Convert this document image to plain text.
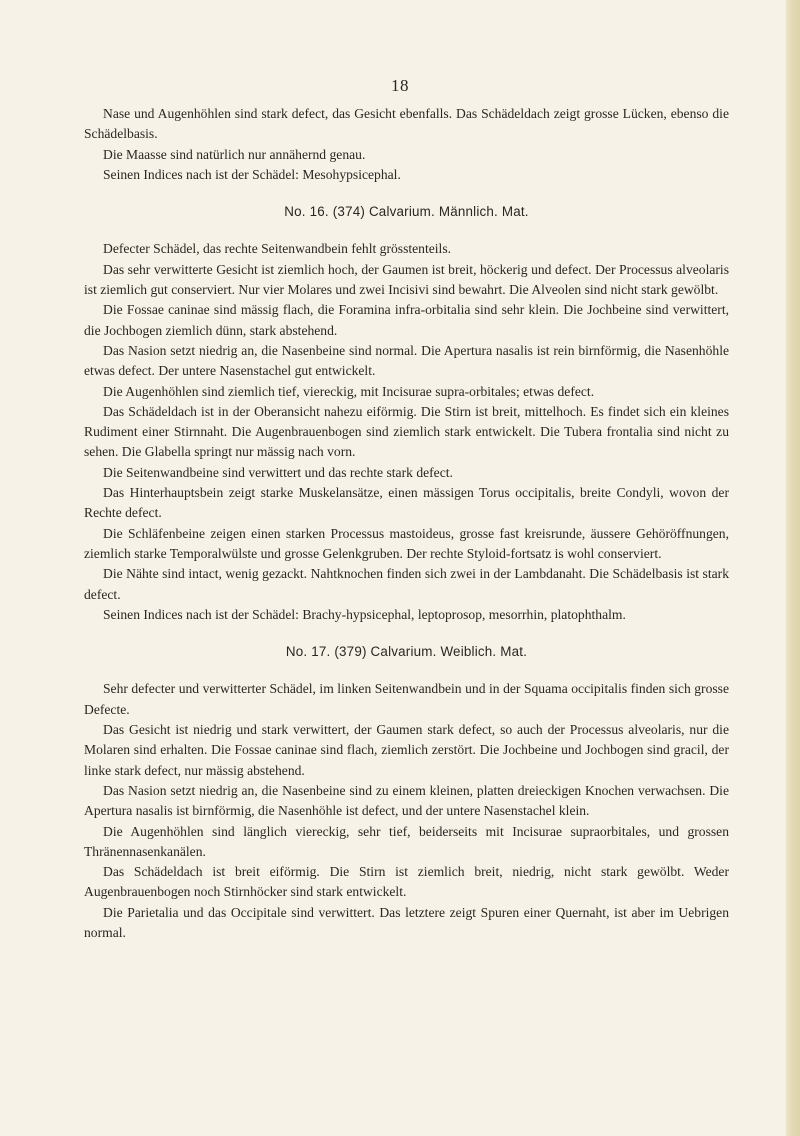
18

Nase und Augenhöhlen sind stark defect, das Gesicht ebenfalls. Das Schädeldach zeigt grosse Lücken, ebenso die Schädelbasis.

Die Maasse sind natürlich nur annähernd genau.

Seinen Indices nach ist der Schädel: Mesohypsicephal.

No. 16. (374) Calvarium. Männlich. Mat.

Defecter Schädel, das rechte Seitenwandbein fehlt grösstenteils.

Das sehr verwitterte Gesicht ist ziemlich hoch, der Gaumen ist breit, höckerig und defect. Der Processus alveolaris ist ziemlich gut conserviert. Nur vier Molares und zwei Incisivi sind bewahrt. Die Alveolen sind nicht stark gewölbt.

Die Fossae caninae sind mässig flach, die Foramina infra-orbitalia sind sehr klein. Die Jochbeine sind verwittert, die Jochbogen ziemlich dünn, stark abstehend.

Das Nasion setzt niedrig an, die Nasenbeine sind normal. Die Apertura nasalis ist rein birnförmig, die Nasenhöhle etwas defect. Der untere Nasenstachel gut entwickelt.

Die Augenhöhlen sind ziemlich tief, viereckig, mit Incisurae supra-orbitales; etwas defect.

Das Schädeldach ist in der Oberansicht nahezu eiförmig. Die Stirn ist breit, mittelhoch. Es findet sich ein kleines Rudiment einer Stirnnaht. Die Augenbrauenbogen sind ziemlich stark entwickelt. Die Tubera frontalia sind nicht zu sehen. Die Glabella springt nur mässig nach vorn.

Die Seitenwandbeine sind verwittert und das rechte stark defect.

Das Hinterhauptsbein zeigt starke Muskelansätze, einen mässigen Torus occipitalis, breite Condyli, wovon der Rechte defect.

Die Schläfenbeine zeigen einen starken Processus mastoideus, grosse fast kreisrunde, äussere Gehöröffnungen, ziemlich starke Temporalwülste und grosse Gelenkgruben. Der rechte Styloid-fortsatz is wohl conserviert.

Die Nähte sind intact, wenig gezackt. Nahtknochen finden sich zwei in der Lambdanaht. Die Schädelbasis ist stark defect.

Seinen Indices nach ist der Schädel: Brachy-hypsicephal, leptoprosop, mesorrhin, platophthalm.

No. 17. (379) Calvarium. Weiblich. Mat.

Sehr defecter und verwitterter Schädel, im linken Seitenwandbein und in der Squama occipitalis finden sich grosse Defecte.

Das Gesicht ist niedrig und stark verwittert, der Gaumen stark defect, so auch der Processus alveolaris, nur die Molaren sind erhalten. Die Fossae caninae sind flach, ziemlich zerstört. Die Jochbeine und Jochbogen sind gracil, der linke stark defect, nur mässig abstehend.

Das Nasion setzt niedrig an, die Nasenbeine sind zu einem kleinen, platten dreieckigen Knochen verwachsen. Die Apertura nasalis ist birnförmig, die Nasenhöhle ist defect, und der untere Nasenstachel klein.

Die Augenhöhlen sind länglich viereckig, sehr tief, beiderseits mit Incisurae supraorbitales, und grossen Thränennasenkanälen.

Das Schädeldach ist breit eiförmig. Die Stirn ist ziemlich breit, niedrig, nicht stark gewölbt. Weder Augenbrauenbogen noch Stirnhöcker sind stark entwickelt.

Die Parietalia und das Occipitale sind verwittert. Das letztere zeigt Spuren einer Quernaht, ist aber im Uebrigen normal.
